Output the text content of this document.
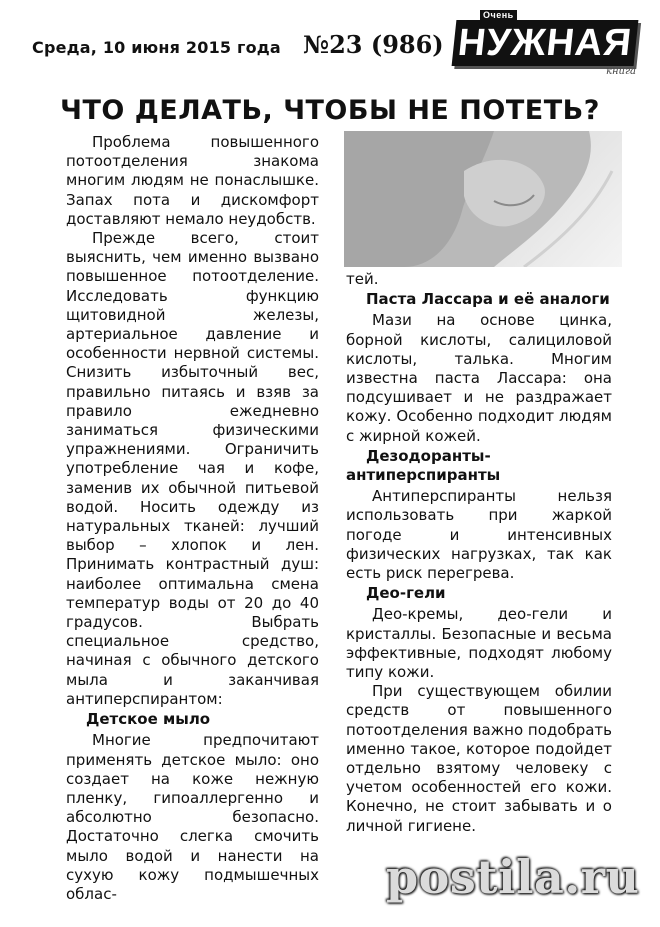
Среда, 10 июня 2015 года №23 (986)
Очень
НУЖНАЯ
книга
ЧТО ДЕЛАТЬ, ЧТОБЫ НЕ ПОТЕТЬ?

Проблема повышенного потоотделения знакома многим людям не понаслышке. Запах пота и дискомфорт доставляют немало неудобств.

Прежде всего, стоит выяснить, чем именно вызвано повышенное потоотделение. Исследовать функцию щитовидной железы, артериальное давление и особенности нервной системы. Снизить избыточный вес, правильно питаясь и взяв за правило ежедневно заниматься физическими упражнениями. Ограничить употребление чая и кофе, заменив их обычной питьевой водой. Носить одежду из натуральных тканей: лучший выбор – хлопок и лен. Принимать контрастный душ: наиболее оптимальна смена температур воды от 20 до 40 градусов. Выбрать специальное средство, начиная с обычного детского мыла и заканчивая антиперспирантом:

Детское мыло

Многие предпочитают применять детское мыло: оно создает на коже нежную пленку, гипоаллергенно и абсолютно безопасно. Достаточно слегка смочить мыло водой и нанести на сухую кожу подмышечных облас-

тей.

Паста Лассара и её аналоги

Мази на основе цинка, борной кислоты, салициловой кислоты, талька. Многим известна паста Лассара: она подсушивает и не раздражает кожу. Особенно подходит людям с жирной кожей.

Дезодоранты-антиперспиранты

Антиперспиранты нельзя использовать при жаркой погоде и интенсивных физических нагрузках, так как есть риск перегрева.

Део-гели

Део-кремы, део-гели и кристаллы. Безопасные и весьма эффективные, подходят любому типу кожи.

При существующем обилии средств от повышенного потоотделения важно подобрать именно такое, которое подойдет отдельно взятому человеку с учетом особенностей его кожи. Конечно, не стоит забывать и о личной гигиене.

postila.ru
